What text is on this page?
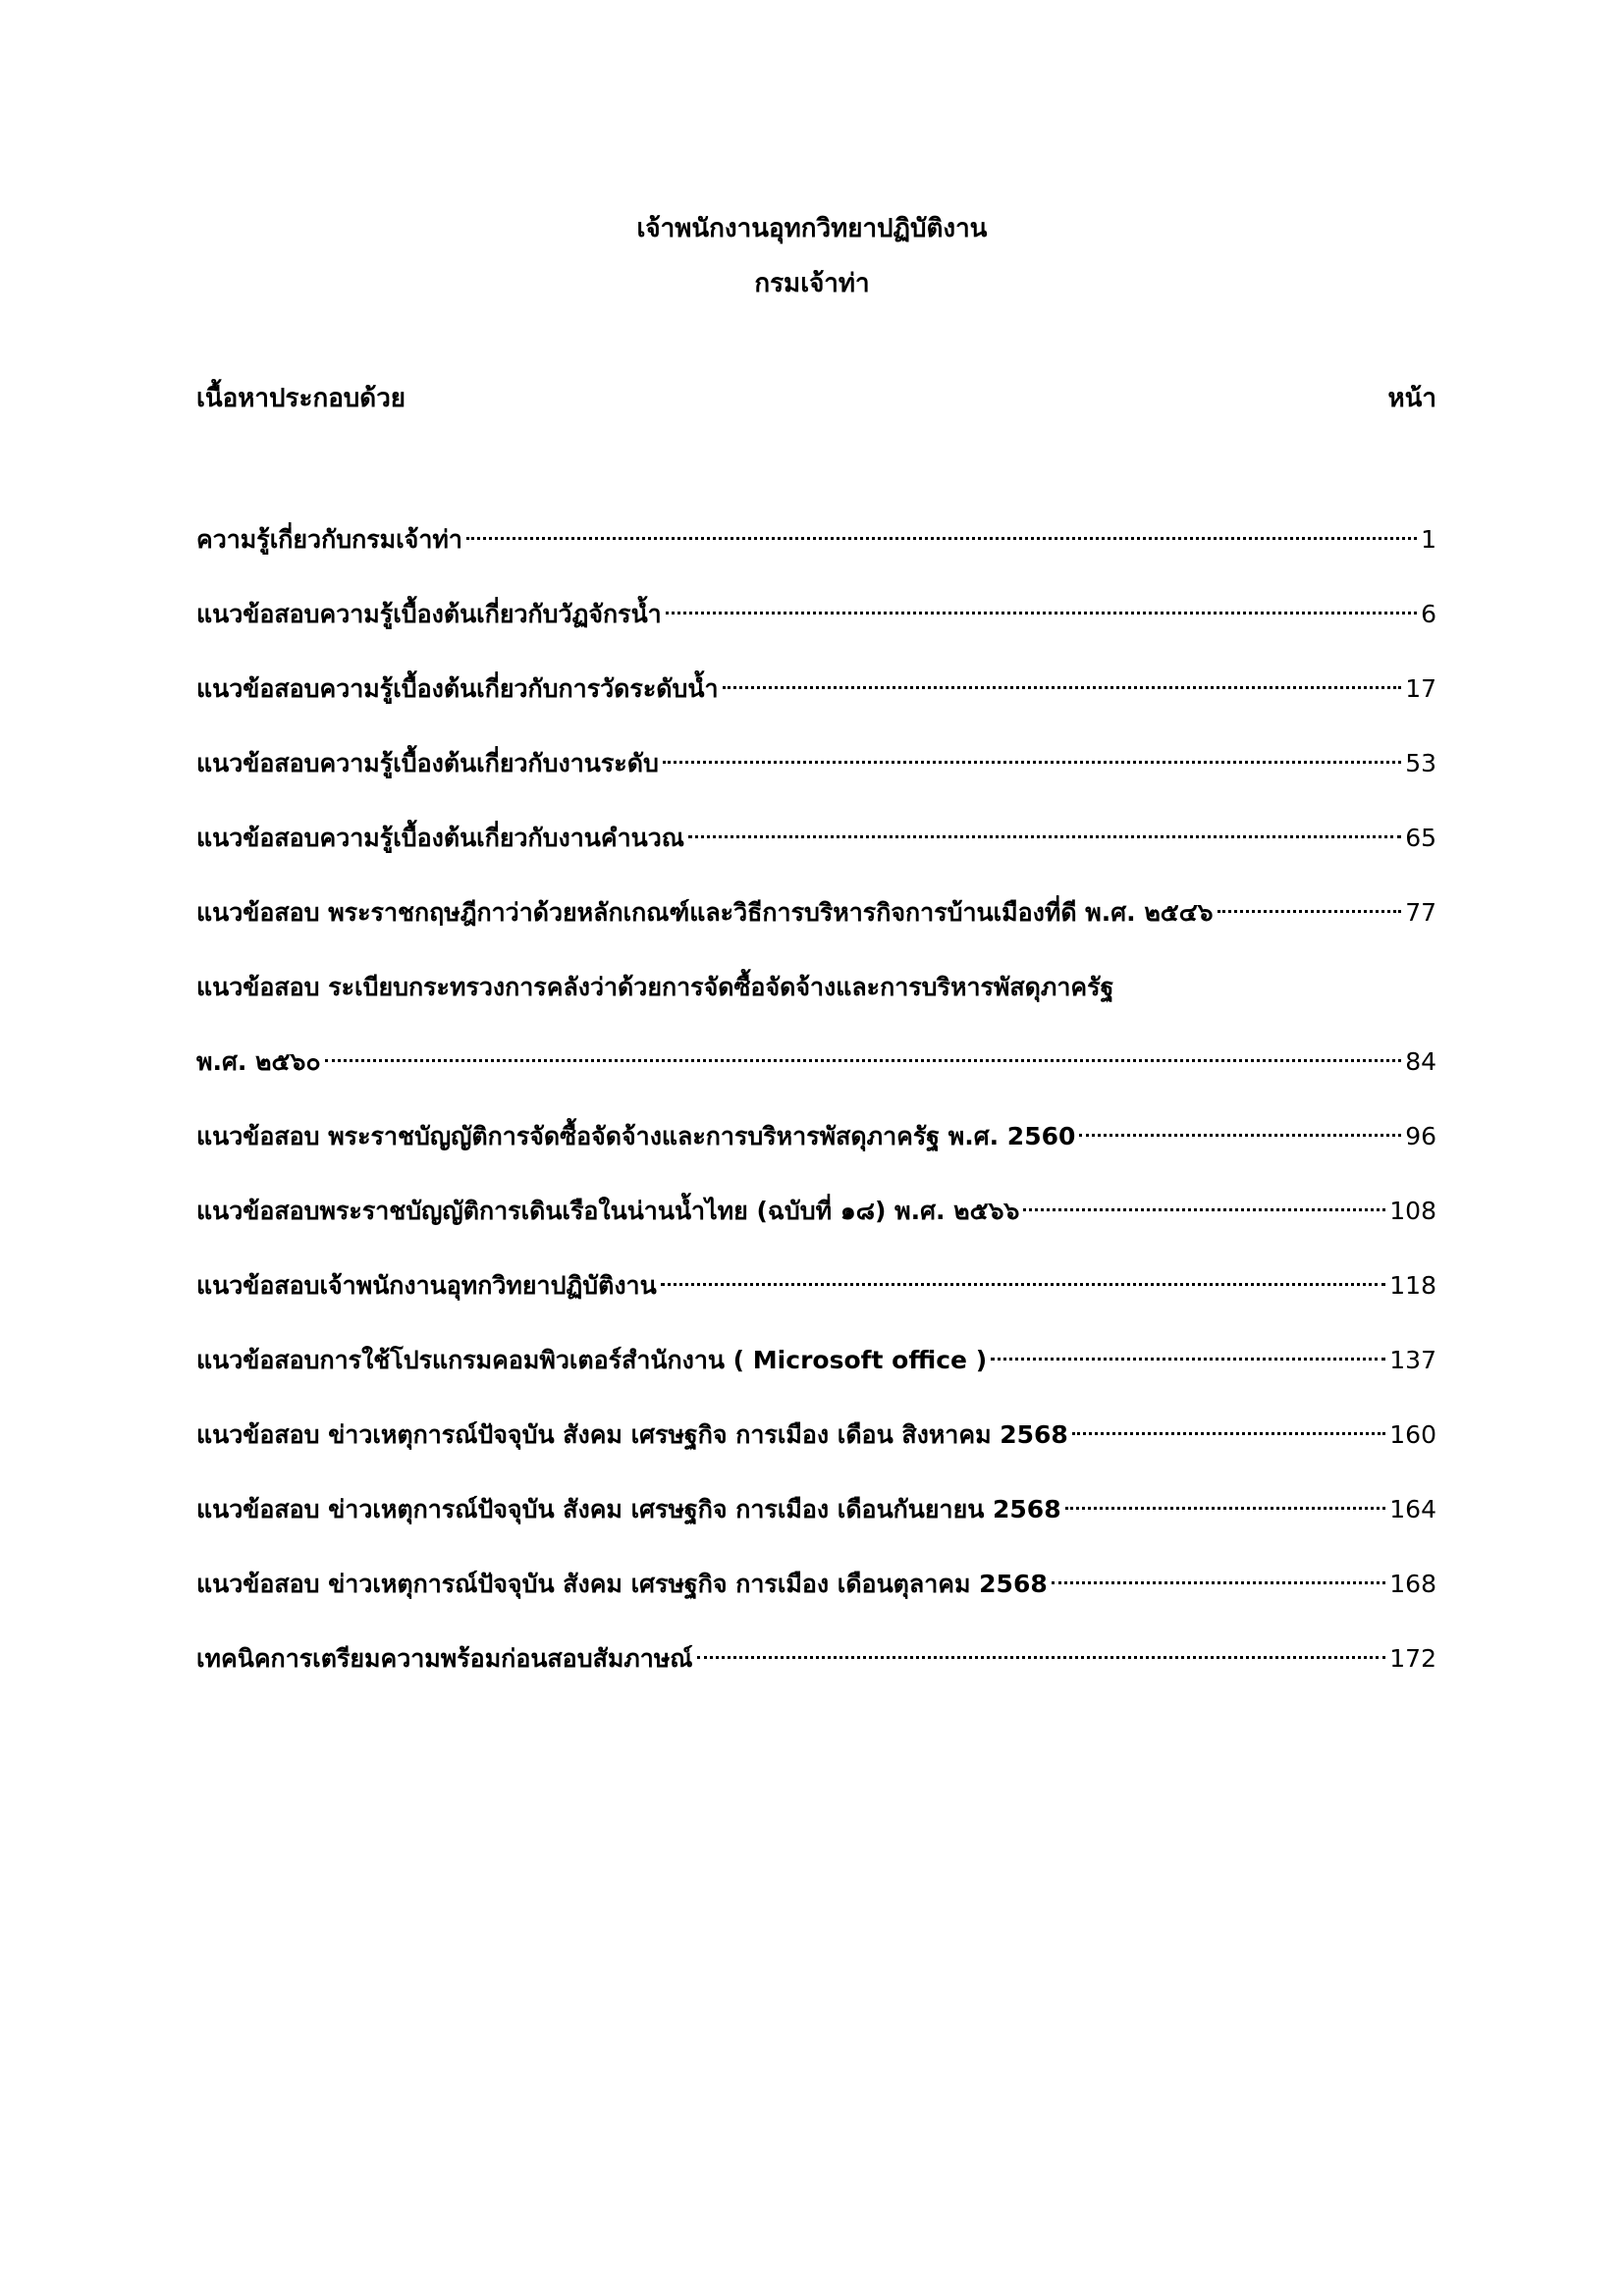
เจ้าพนักงานอุทกวิทยาปฏิบัติงาน
กรมเจ้าท่า
เนื้อหาประกอบด้วย	หน้า
ความรู้เกี่ยวกับกรมเจ้าท่า	1
แนวข้อสอบความรู้เบื้องต้นเกี่ยวกับวัฏจักรน้ำ	6
แนวข้อสอบความรู้เบื้องต้นเกี่ยวกับการวัดระดับน้ำ	17
แนวข้อสอบความรู้เบื้องต้นเกี่ยวกับงานระดับ	53
แนวข้อสอบความรู้เบื้องต้นเกี่ยวกับงานคำนวณ	65
แนวข้อสอบ พระราชกฤษฎีกาว่าด้วยหลักเกณฑ์และวิธีการบริหารกิจการบ้านเมืองที่ดี พ.ศ. ๒๕๔๖	77
แนวข้อสอบ ระเบียบกระทรวงการคลังว่าด้วยการจัดซื้อจัดจ้างและการบริหารพัสดุภาครัฐ
พ.ศ. ๒๕๖๐	84
แนวข้อสอบ พระราชบัญญัติการจัดซื้อจัดจ้างและการบริหารพัสดุภาครัฐ พ.ศ. 2560	96
แนวข้อสอบพระราชบัญญัติการเดินเรือในน่านน้ำไทย (ฉบับที่ ๑๘) พ.ศ. ๒๕๖๖	108
แนวข้อสอบเจ้าพนักงานอุทกวิทยาปฏิบัติงาน	118
แนวข้อสอบการใช้โปรแกรมคอมพิวเตอร์สำนักงาน ( Microsoft office )	137
แนวข้อสอบ ข่าวเหตุการณ์ปัจจุบัน สังคม เศรษฐกิจ การเมือง เดือน สิงหาคม 2568	160
แนวข้อสอบ ข่าวเหตุการณ์ปัจจุบัน สังคม เศรษฐกิจ การเมือง เดือนกันยายน 2568	164
แนวข้อสอบ ข่าวเหตุการณ์ปัจจุบัน สังคม เศรษฐกิจ การเมือง เดือนตุลาคม 2568	168
เทคนิคการเตรียมความพร้อมก่อนสอบสัมภาษณ์	172
